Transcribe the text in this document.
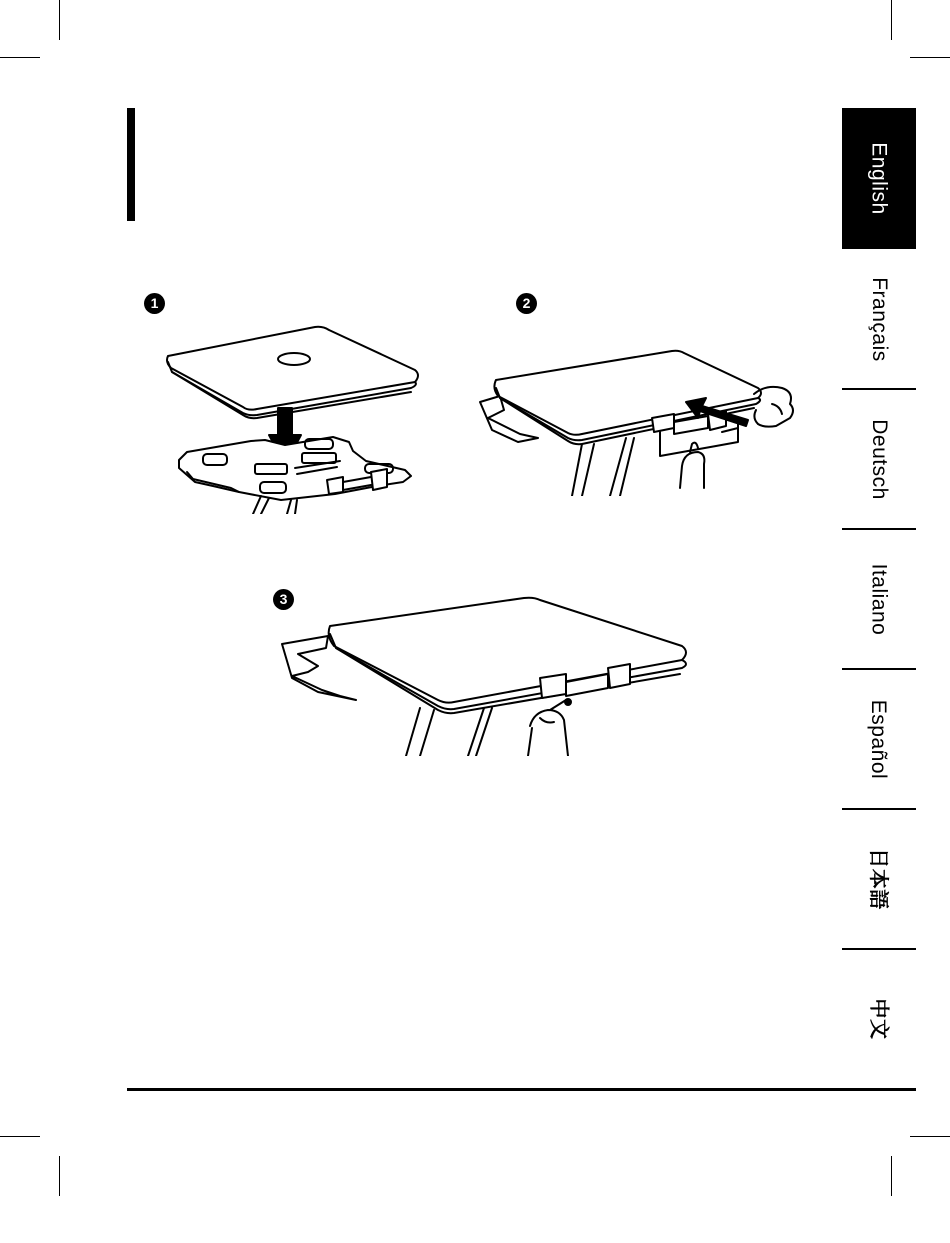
English
Français
Deutsch
Italiano
Español
日本語
中文
1	2
3
